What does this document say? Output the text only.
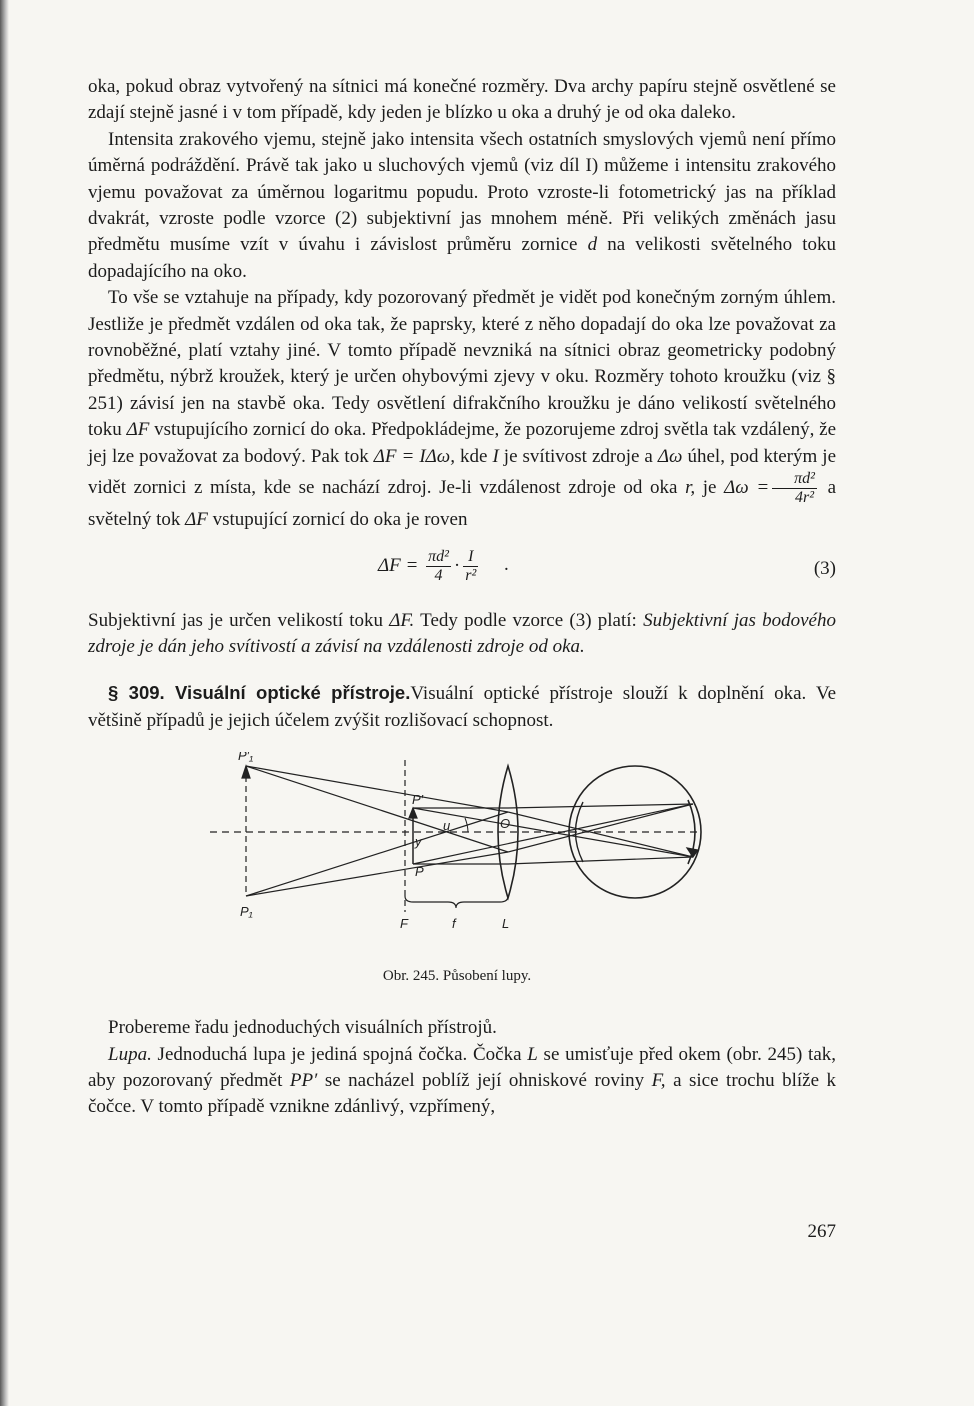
oka, pokud obraz vytvořený na sítnici má konečné rozměry. Dva archy papíru stejně osvětlené se zdají stejně jasné i v tom případě, kdy jeden je blízko u oka a druhý je od oka daleko.

Intensita zrakového vjemu, stejně jako intensita všech ostatních smyslových vjemů není přímo úměrná podráždění. Právě tak jako u sluchových vjemů (viz díl I) můžeme i intensitu zrakového vjemu považovat za úměrnou logaritmu popudu. Proto vzroste-li fotometrický jas na příklad dvakrát, vzroste podle vzorce (2) subjektivní jas mnohem méně. Při velikých změnách jasu předmětu musíme vzít v úvahu i závislost průměru zornice d na velikosti světelného toku dopadajícího na oko.

To vše se vztahuje na případy, kdy pozorovaný předmět je vidět pod konečným zorným úhlem. Jestliže je předmět vzdálen od oka tak, že paprsky, které z něho dopadají do oka lze považovat za rovnoběžné, platí vztahy jiné. V tomto případě nevzniká na sítnici obraz geometricky podobný předmětu, nýbrž kroužek, který je určen ohybovými zjevy v oku. Rozměry tohoto kroužku (viz § 251) závisí jen na stavbě oka. Tedy osvětlení difrakčního kroužku je dáno velikostí světelného toku ΔF vstupujícího zornicí do oka. Předpokládejme, že pozorujeme zdroj světla tak vzdálený, že jej lze považovat za bodový. Pak tok ΔF = IΔω, kde I je svítivost zdroje a Δω úhel, pod kterým je vidět zornici z místa, kde se nachází zdroj. Je-li vzdálenost zdroje od oka r, je $\Delta\omega = \frac{\text{πd²}}{\text{4r²}}$ a světelný tok ΔF vstupující zornicí do oka je roven

$\Delta F = \frac{\text{πd²}}{4} \cdot \frac{I}{\text{r²}}$ .	(3)

Subjektivní jas je určen velikostí toku ΔF. Tedy podle vzorce (3) platí: Subjektivní jas bodového zdroje je dán jeho svítivostí a závisí na vzdálenosti zdroje od oka.

§ 309. Visuální optické přístroje.Visuální optické přístroje slouží k doplnění oka. Ve většině případů je jejich účelem zvýšit rozlišovací schopnost.

P′₁
P′
u	O
y
P
P₁
F	f	L
Obr. 245. Působení lupy.

Probereme řadu jednoduchých visuálních přístrojů.

Lupa. Jednoduchá lupa je jediná spojná čočka. Čočka L se umisťuje před okem (obr. 245) tak, aby pozorovaný předmět PP′ se nacházel poblíž její ohniskové roviny F, a sice trochu blíže k čočce. V tomto případě vznikne zdánlivý, vzpřímený,

267
